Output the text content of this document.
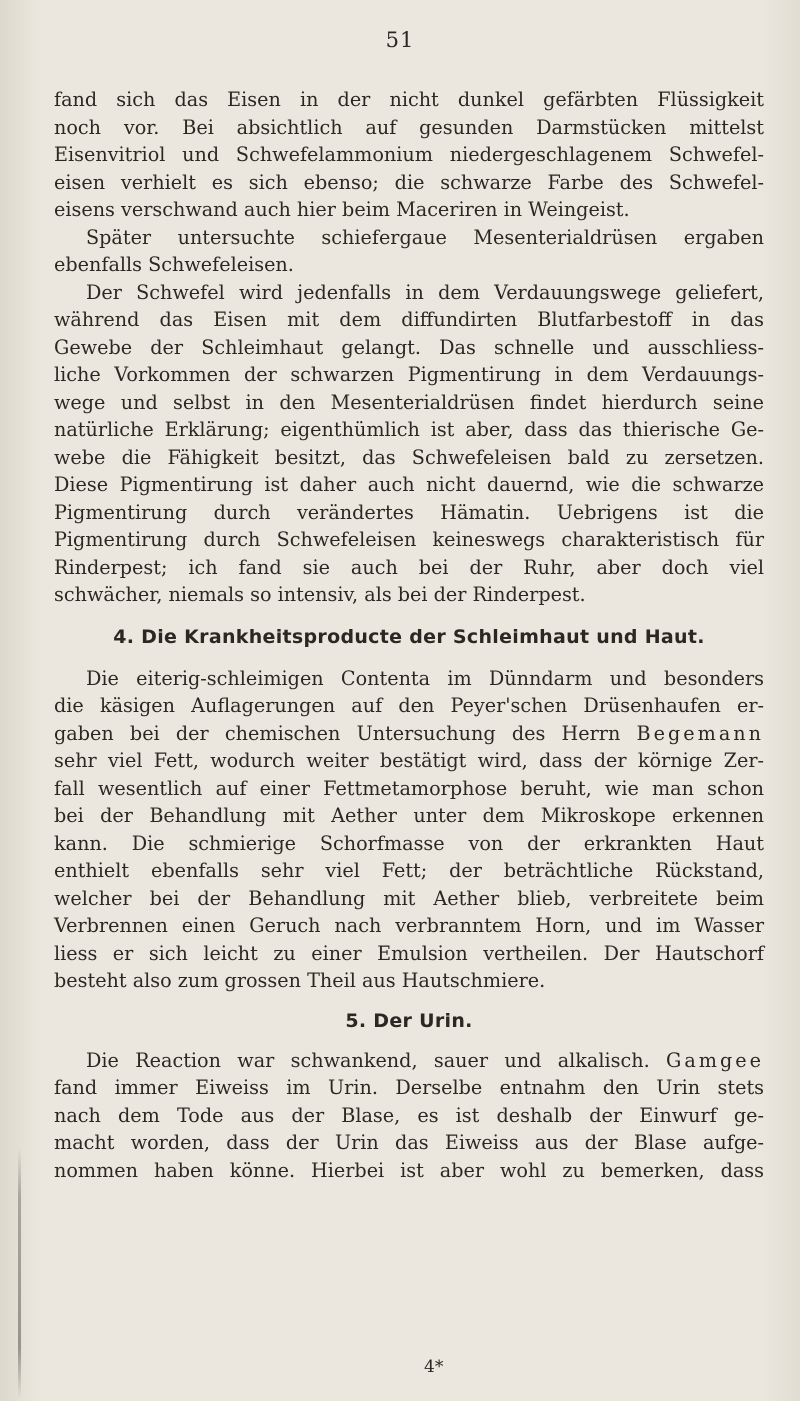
51
fand sich das Eisen in der nicht dunkel gefärbten Flüssigkeit
noch vor. Bei absichtlich auf gesunden Darmstücken mittelst
Eisenvitriol und Schwefelammonium niedergeschlagenem Schwefel-
eisen verhielt es sich ebenso; die schwarze Farbe des Schwefel-
eisens verschwand auch hier beim Maceriren in Weingeist.
Später untersuchte schiefergaue Mesenterialdrüsen ergaben
ebenfalls Schwefeleisen.
Der Schwefel wird jedenfalls in dem Verdauungswege geliefert,
während das Eisen mit dem diffundirten Blutfarbestoff in das
Gewebe der Schleimhaut gelangt. Das schnelle und ausschliess-
liche Vorkommen der schwarzen Pigmentirung in dem Verdauungs-
wege und selbst in den Mesenterialdrüsen findet hierdurch seine
natürliche Erklärung; eigenthümlich ist aber, dass das thierische Ge-
webe die Fähigkeit besitzt, das Schwefeleisen bald zu zersetzen.
Diese Pigmentirung ist daher auch nicht dauernd, wie die schwarze
Pigmentirung durch verändertes Hämatin. Uebrigens ist die
Pigmentirung durch Schwefeleisen keineswegs charakteristisch für
Rinderpest; ich fand sie auch bei der Ruhr, aber doch viel
schwächer, niemals so intensiv, als bei der Rinderpest.
4. Die Krankheitsproducte der Schleimhaut und Haut.
Die eiterig-schleimigen Contenta im Dünndarm und besonders
die käsigen Auflagerungen auf den Peyer'schen Drüsenhaufen er-
gaben bei der chemischen Untersuchung des Herrn Begemann
sehr viel Fett, wodurch weiter bestätigt wird, dass der körnige Zer-
fall wesentlich auf einer Fettmetamorphose beruht, wie man schon
bei der Behandlung mit Aether unter dem Mikroskope erkennen
kann. Die schmierige Schorfmasse von der erkrankten Haut
enthielt ebenfalls sehr viel Fett; der beträchtliche Rückstand,
welcher bei der Behandlung mit Aether blieb, verbreitete beim
Verbrennen einen Geruch nach verbranntem Horn, und im Wasser
liess er sich leicht zu einer Emulsion vertheilen. Der Hautschorf
besteht also zum grossen Theil aus Hautschmiere.
5. Der Urin.
Die Reaction war schwankend, sauer und alkalisch. Gamgee
fand immer Eiweiss im Urin. Derselbe entnahm den Urin stets
nach dem Tode aus der Blase, es ist deshalb der Einwurf ge-
macht worden, dass der Urin das Eiweiss aus der Blase aufge-
nommen haben könne. Hierbei ist aber wohl zu bemerken, dass
4*
